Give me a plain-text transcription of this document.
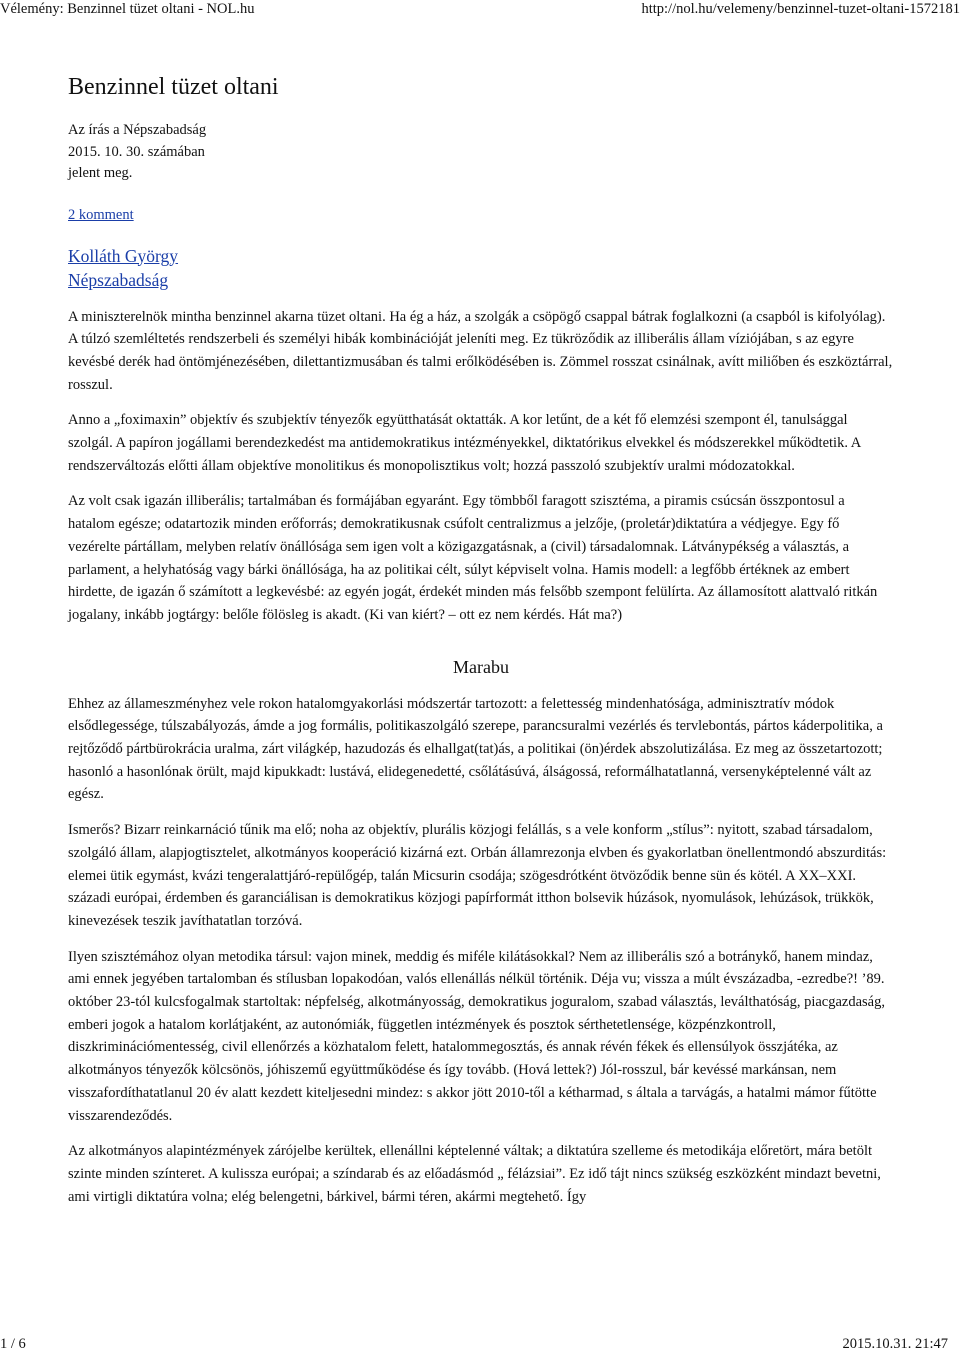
Vélemény: Benzinnel tüzet oltani - NOL.hu	http://nol.hu/velemeny/benzinnel-tuzet-oltani-1572181
Benzinnel tüzet oltani

Az írás a Népszabadság

2015. 10. 30. számában

jelent meg.

2 komment
Kolláth György
Népszabadság

A miniszterelnök mintha benzinnel akarna tüzet oltani. Ha ég a ház, a szolgák a csöpögő csappal bátrak foglalkozni (a csapból is kifolyólag). A túlzó szemléltetés rendszerbeli és személyi hibák kombinációját jeleníti meg. Ez tükröződik az illiberális állam víziójában, s az egyre kevésbé derék had öntömjénezésében, dilettantizmusában és talmi erőlködésében is. Zömmel rosszat csinálnak, avítt miliőben és eszköztárral, rosszul.

Anno a „foximaxin” objektív és szubjektív tényezők együtthatását oktatták. A kor letűnt, de a két fő elemzési szempont él, tanulsággal szolgál. A papíron jogállami berendezkedést ma antidemokratikus intézményekkel, diktatórikus elvekkel és módszerekkel működtetik. A rendszerváltozás előtti állam objektíve monolitikus és monopolisztikus volt; hozzá passzoló szubjektív uralmi módozatokkal.

Az volt csak igazán illiberális; tartalmában és formájában egyaránt. Egy tömbből faragott szisztéma, a piramis csúcsán összpontosul a hatalom egésze; odatartozik minden erőforrás; demokratikusnak csúfolt centralizmus a jelzője, (proletár)diktatúra a védjegye. Egy fő vezérelte pártállam, melyben relatív önállósága sem igen volt a közigazgatásnak, a (civil) társadalomnak. Látványpékség a választás, a parlament, a helyhatóság vagy bárki önállósága, ha az politikai célt, súlyt képviselt volna. Hamis modell: a legfőbb értéknek az embert hirdette, de igazán ő számított a legkevésbé: az egyén jogát, érdekét minden más felsőbb szempont felülírta. Az államosított alattvaló ritkán jogalany, inkább jogtárgy: belőle fölösleg is akadt. (Ki van kiért? – ott ez nem kérdés. Hát ma?)

Marabu

Ehhez az állameszményhez vele rokon hatalomgyakorlási módszertár tartozott: a felettesség mindenhatósága, adminisztratív módok elsődlegessége, túlszabályozás, ámde a jog formális, politikaszolgáló szerepe, parancsuralmi vezérlés és tervlebontás, pártos káderpolitika, a rejtőződő pártbürokrácia uralma, zárt világkép, hazudozás és elhallgat(tat)ás, a politikai (ön)érdek abszolutizálása. Ez meg az összetartozott; hasonló a hasonlónak örült, majd kipukkadt: lustává, elidegenedetté, csőlátásúvá, álságossá, reformálhatatlanná, versenyképtelenné vált az egész.

Ismerős? Bizarr reinkarnáció tűnik ma elő; noha az objektív, plurális közjogi felállás, s a vele konform „stílus”: nyitott, szabad társadalom, szolgáló állam, alapjogtisztelet, alkotmányos kooperáció kizárná ezt. Orbán államrezonja elvben és gyakorlatban önellentmondó abszurditás: elemei ütik egymást, kvázi tengeralattjáró-repülőgép, talán Micsurin csodája; szögesdrótként ötvöződik benne sün és kötél. A XX–XXI. századi európai, érdemben és garanciálisan is demokratikus közjogi papírformát itthon bolsevik húzások, nyomulások, lehúzások, trükkök, kinevezések teszik javíthatatlan torzóvá.

Ilyen szisztémához olyan metodika társul: vajon minek, meddig és miféle kilátásokkal? Nem az illiberális szó a botránykő, hanem mindaz, ami ennek jegyében tartalomban és stílusban lopakodóan, valós ellenállás nélkül történik. Déja vu; vissza a múlt évszázadba, -ezredbe?! ’89. október 23-tól kulcsfogalmak startoltak: népfelség, alkotmányosság, demokratikus joguralom, szabad választás, leválthatóság, piacgazdaság, emberi jogok a hatalom korlátjaként, az autonómiák, független intézmények és posztok sérthetetlensége, közpénzkontroll, diszkriminációmentesség, civil ellenőrzés a közhatalom felett, hatalommegosztás, és annak révén fékek és ellensúlyok összjátéka, az alkotmányos tényezők kölcsönös, jóhiszemű együttműködése és így tovább. (Hová lettek?) Jól-rosszul, bár kevéssé markánsan, nem visszafordíthatatlanul 20 év alatt kezdett kiteljesedni mindez: s akkor jött 2010-től a kétharmad, s általa a tarvágás, a hatalmi mámor fűtötte visszarendeződés.

Az alkotmányos alapintézmények zárójelbe kerültek, ellenállni képtelenné váltak; a diktatúra szelleme és metodikája előretört, mára betölt szinte minden színteret. A kulissza európai; a színdarab és az előadásmód „ félázsiai”. Ez idő tájt nincs szükség eszközként mindazt bevetni, ami virtigli diktatúra volna; elég belengetni, bárkivel, bármi téren, akármi megtehető. Így

1 / 6	2015.10.31. 21:47
